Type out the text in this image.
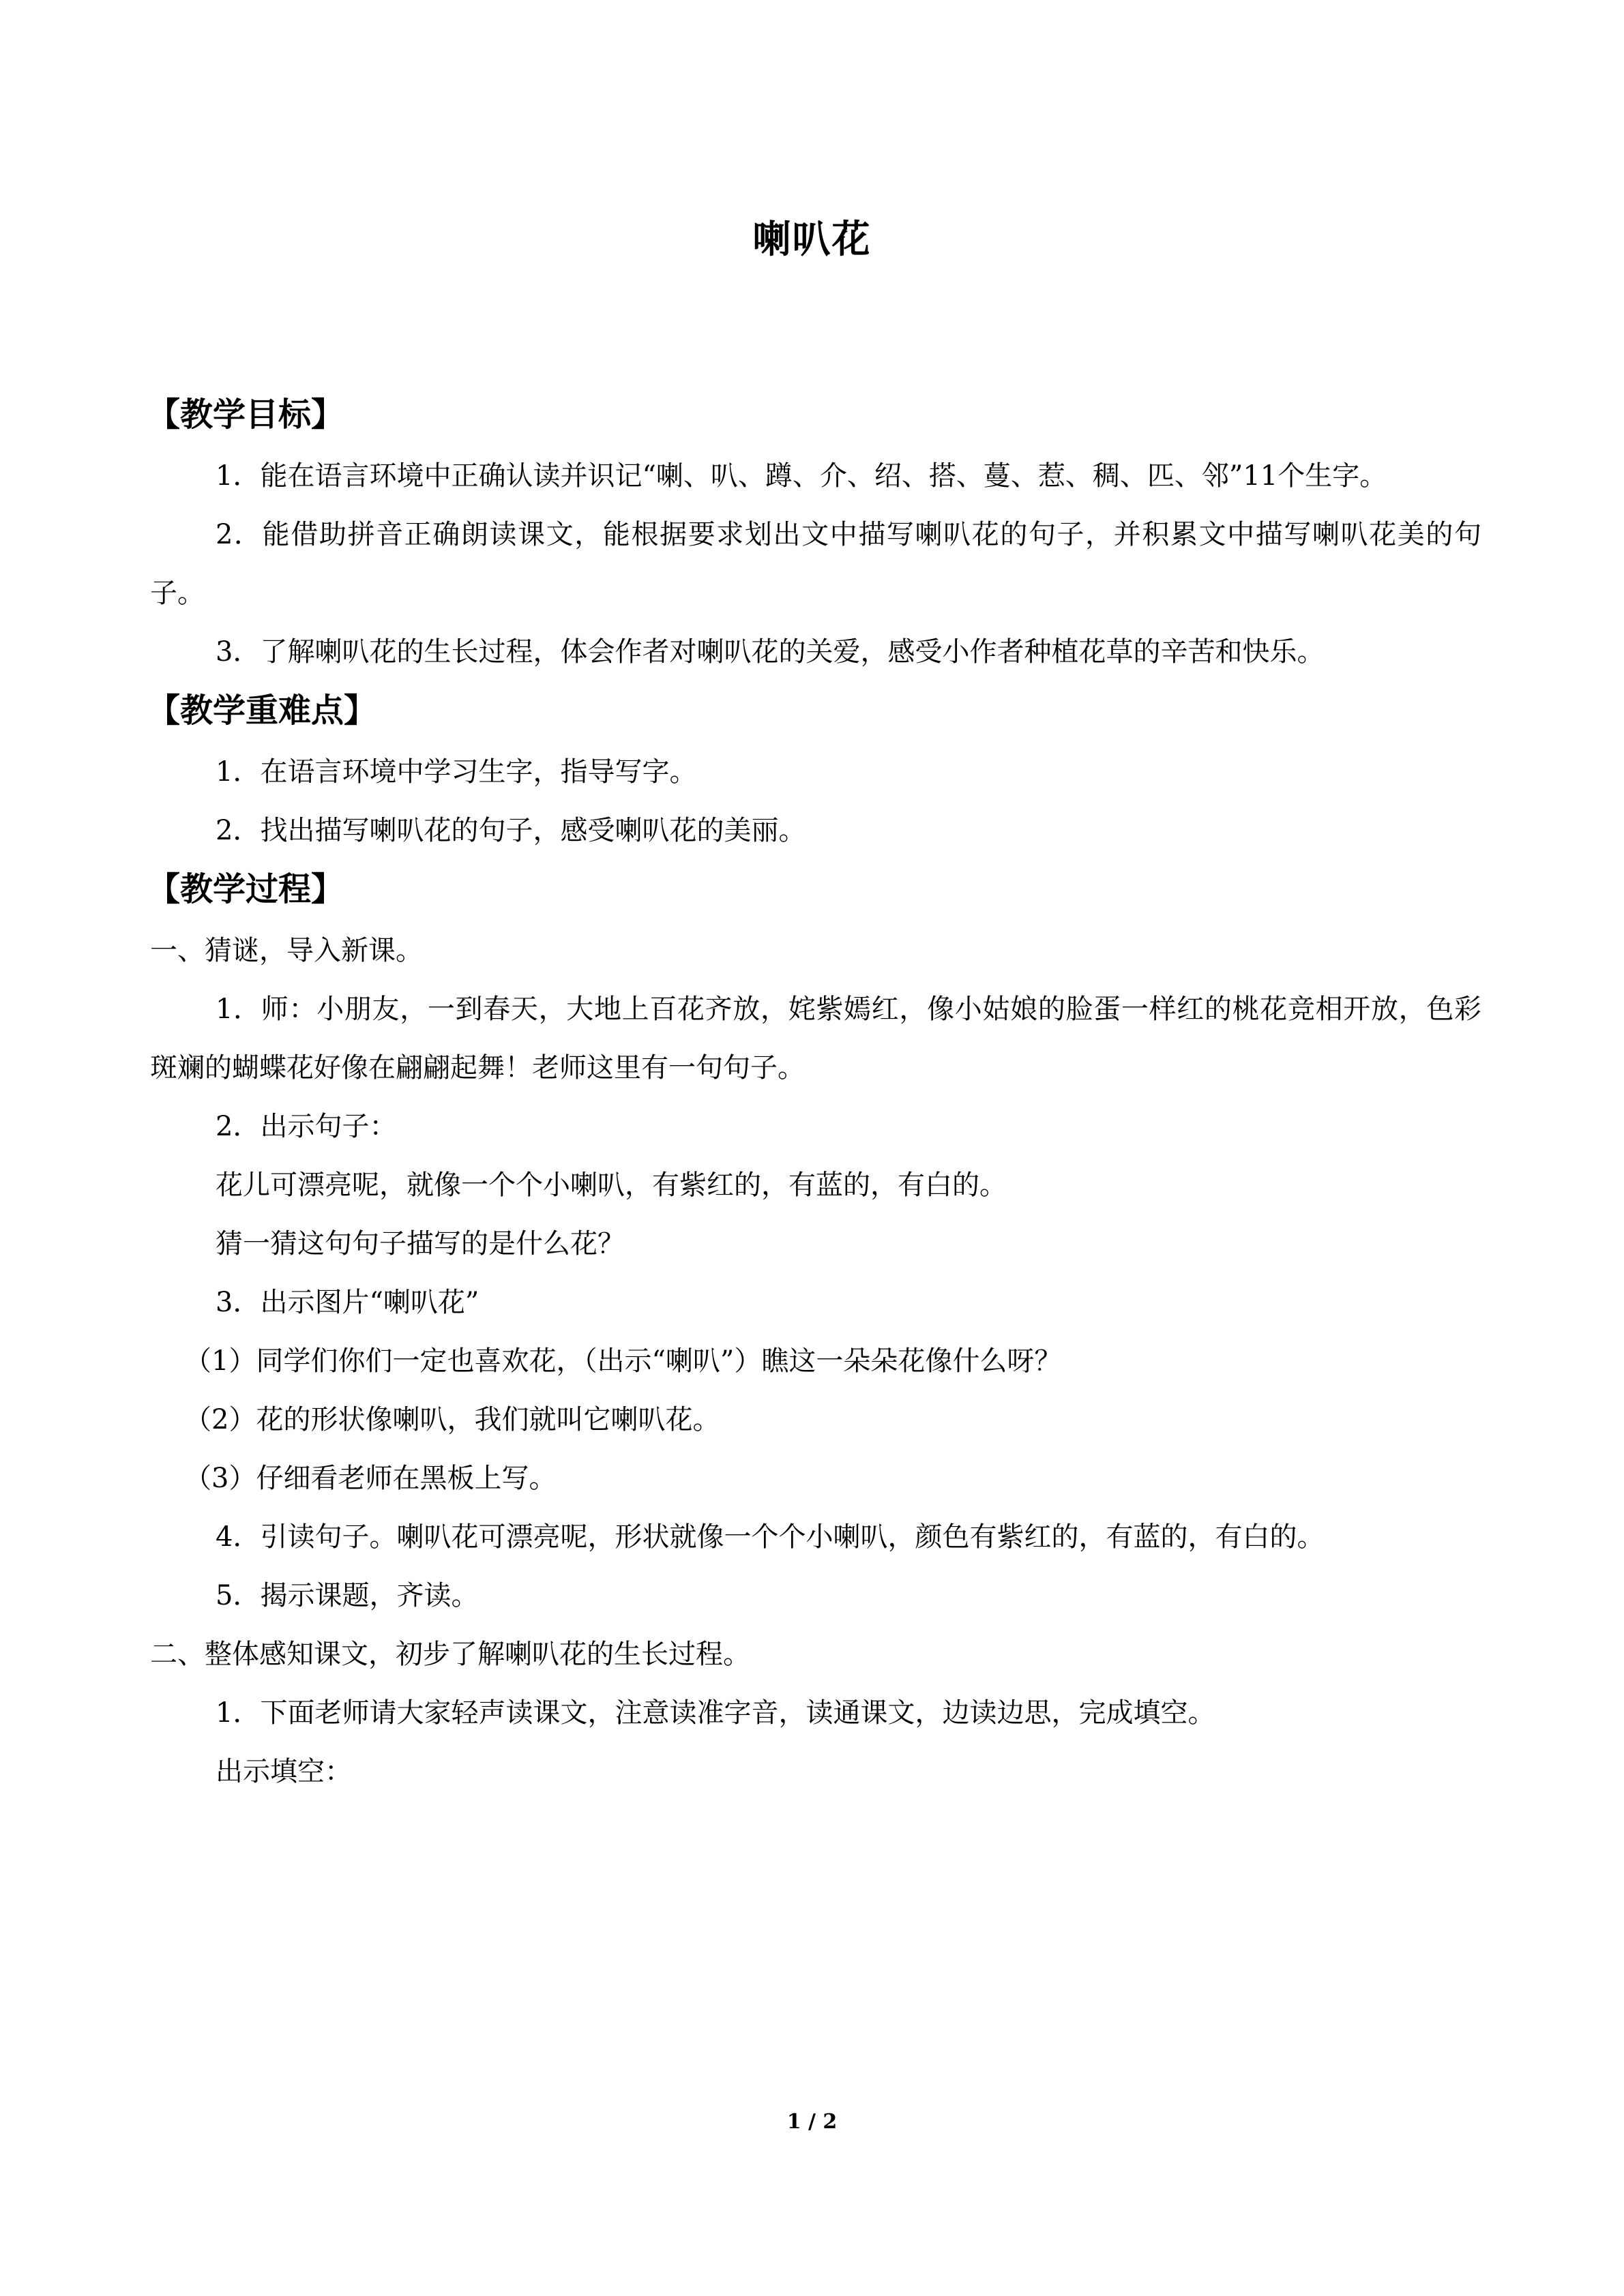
喇叭花
【教学目标】
1．能在语言环境中正确认读并识记“喇、叭、蹲、介、绍、搭、蔓、惹、稠、匹、邻”11个生字。
2．能借助拼音正确朗读课文，能根据要求划出文中描写喇叭花的句子，并积累文中描写喇叭花美的句子。
3．了解喇叭花的生长过程，体会作者对喇叭花的关爱，感受小作者种植花草的辛苦和快乐。
【教学重难点】
1．在语言环境中学习生字，指导写字。
2．找出描写喇叭花的句子，感受喇叭花的美丽。
【教学过程】
一、猜谜，导入新课。
1．师：小朋友，一到春天，大地上百花齐放，姹紫嫣红，像小姑娘的脸蛋一样红的桃花竞相开放，色彩斑斓的蝴蝶花好像在翩翩起舞！老师这里有一句句子。
2．出示句子：
花儿可漂亮呢，就像一个个小喇叭，有紫红的，有蓝的，有白的。
猜一猜这句句子描写的是什么花？
3．出示图片“喇叭花”
（1）同学们你们一定也喜欢花，（出示“喇叭”）瞧这一朵朵花像什么呀？
（2）花的形状像喇叭，我们就叫它喇叭花。
（3）仔细看老师在黑板上写。
4．引读句子。喇叭花可漂亮呢，形状就像一个个小喇叭，颜色有紫红的，有蓝的，有白的。
5．揭示课题，齐读。
二、整体感知课文，初步了解喇叭花的生长过程。
1．下面老师请大家轻声读课文，注意读准字音，读通课文，边读边思，完成填空。
出示填空：
1 / 2
